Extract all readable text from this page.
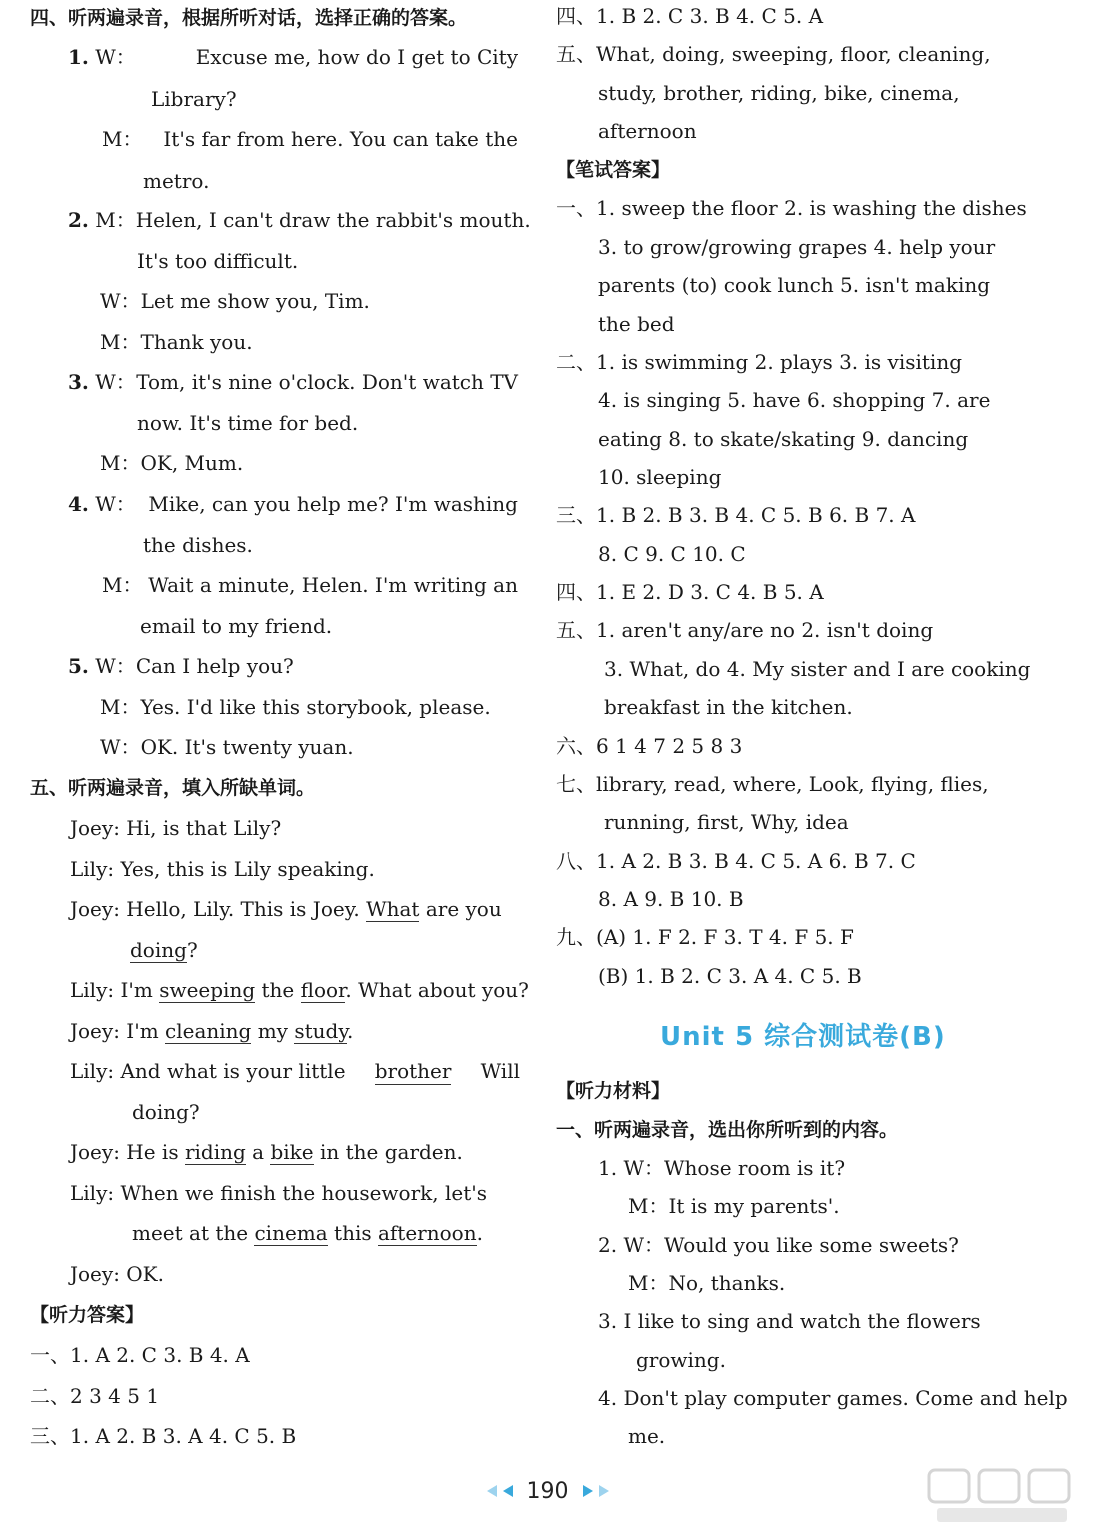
四、听两遍录音，根据所听对话，选择正确的答案。
1. W：	Excuse me, how do I get to City
Library?
M： It's far from here. You can take the
metro.
2. M：Helen, I can't draw the rabbit's mouth.
It's too difficult.
W：Let me show you, Tim.
M：Thank you.
3. W： Tom, it's nine o'clock. Don't watch TV
now. It's time for bed.
M：OK, Mum.
4. W： Mike, can you help me? I'm washing
the dishes.
M： Wait a minute, Helen. I'm writing an
email to my friend.
5. W：Can I help you?
M：Yes. I'd like this storybook, please.
W：OK. It's twenty yuan.
五、听两遍录音，填入所缺单词。
Joey: Hi, is that Lily?
Lily: Yes, this is Lily speaking.
Joey: Hello, Lily. This is Joey. What are you
doing?
Lily: I'm sweeping the floor. What about you?
Joey: I'm cleaning my study.
Lily: And what is your little brother Will
doing?
Joey: He is riding a bike in the garden.
Lily: When we finish the housework, let's
meet at the cinema this afternoon.
Joey: OK.
【听力答案】
一、1. A 2. C 3. B 4. A
二、2 3 4 5 1
三、1. A 2. B 3. A 4. C 5. B
四、1. B 2. C 3. B 4. C 5. A
五、What, doing, sweeping, floor, cleaning,
study, brother, riding, bike, cinema,
afternoon
【笔试答案】
一、1. sweep the floor 2. is washing the dishes
3. to grow/growing grapes 4. help your
parents (to) cook lunch 5. isn't making
the bed
二、1. is swimming 2. plays 3. is visiting
4. is singing 5. have 6. shopping 7. are
eating 8. to skate/skating 9. dancing
10. sleeping
三、1. B 2. B 3. B 4. C 5. B 6. B 7. A
8. C 9. C 10. C
四、1. E 2. D 3. C 4. B 5. A
五、1. aren't any/are no 2. isn't doing
3. What, do 4. My sister and I are cooking
breakfast in the kitchen.
六、6 1 4 7 2 5 8 3
七、library, read, where, Look, flying, flies,
running, first, Why, idea
八、1. A 2. B 3. B 4. C 5. A 6. B 7. C
8. A 9. B 10. B
九、(A) 1. F 2. F 3. T 4. F 5. F
(B) 1. B 2. C 3. A 4. C 5. B
Unit 5 综合测试卷(B)
【听力材料】
一、听两遍录音，选出你所听到的内容。
1. W：Whose room is it?
M：It is my parents'.
2. W：Would you like some sweets?
M：No, thanks.
3. I like to sing and watch the flowers
growing.
4. Don't play computer games. Come and help
me.
190
